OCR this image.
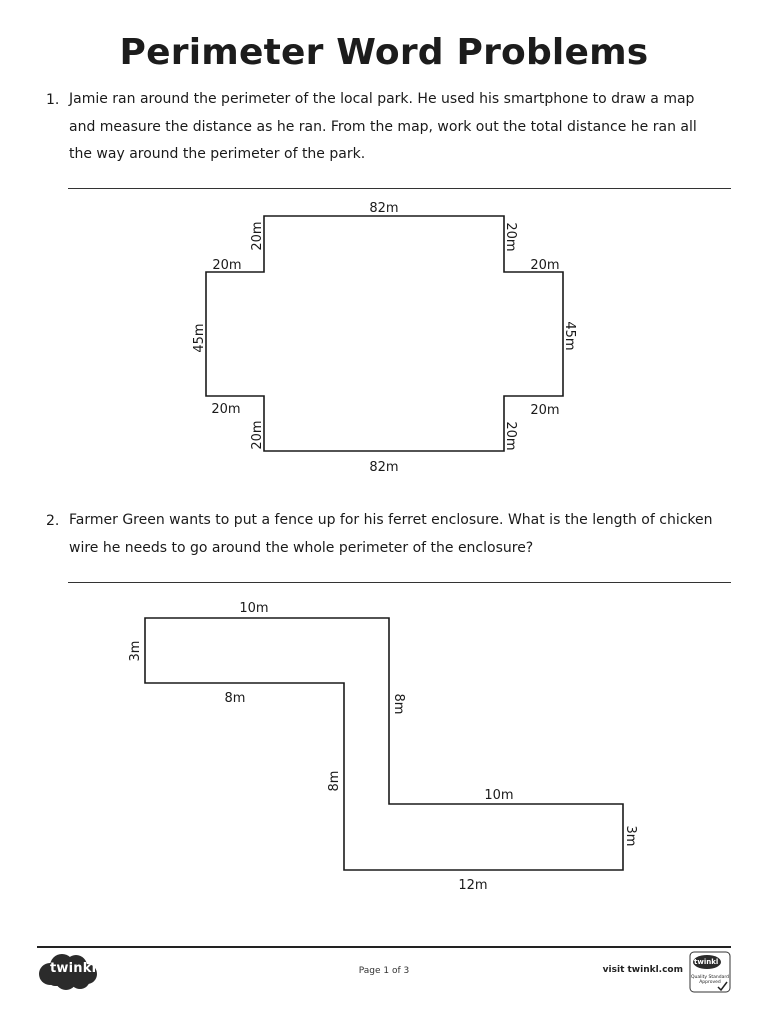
Perimeter Word Problems
1. Jamie ran around the perimeter of the local park. He used his smartphone to draw a map
and measure the distance as he ran. From the map, work out the total distance he ran all
the way around the perimeter of the park.
82m
82m
20m	20m
20m	20m
20m
20m
45m
20m
20m
45m
2. Farmer Green wants to put a fence up for his ferret enclosure. What is the length of chicken
wire he needs to go around the whole perimeter of the enclosure?
10m
8m
10m
12m
3m
8m
8m
3m
twinkl	Page 1 of 3	visit twinkl.com
twinkl
Quality Standard Approved
